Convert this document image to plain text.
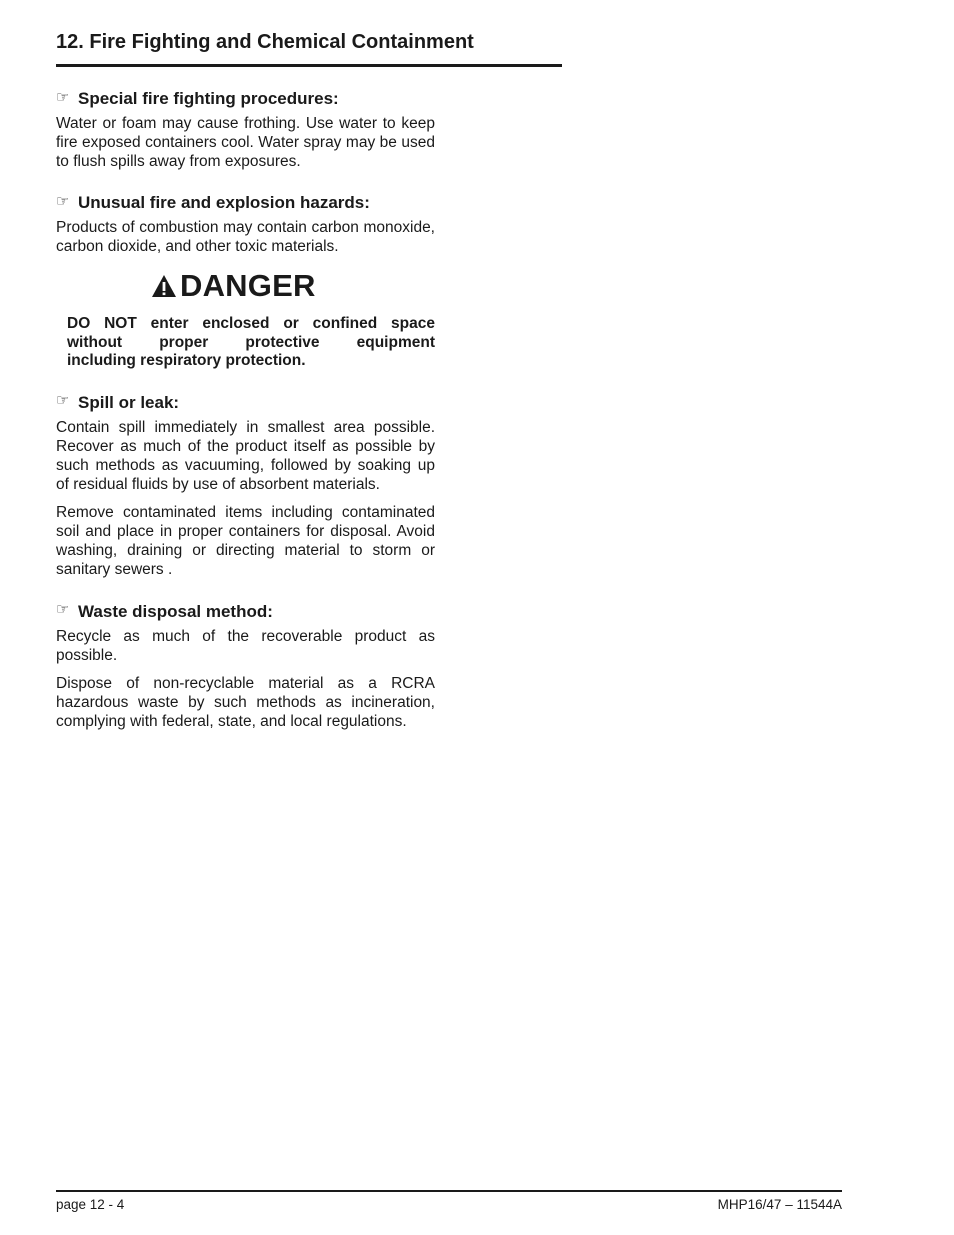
12. Fire Fighting and Chemical Containment
☞ Special fire fighting procedures:

Water or foam may cause frothing. Use water to keep fire exposed containers cool. Water spray may be used to flush spills away from exposures.

☞ Unusual fire and explosion hazards:

Products of combustion may contain carbon monoxide, carbon dioxide, and other toxic materials.

DANGER
DO NOT enter enclosed or confined space
without proper protective equipment
including respiratory protection.
☞ Spill or leak:

Contain spill immediately in smallest area possible. Recover as much of the product itself as possible by such methods as vacuuming, followed by soaking up of residual fluids by use of absorbent materials.

Remove contaminated items including contaminated soil and place in proper containers for disposal. Avoid washing, draining or directing material to storm or sanitary sewers .

☞ Waste disposal method:

Recycle as much of the recoverable product as possible.

Dispose of non-recyclable material as a RCRA hazardous waste by such methods as incineration, complying with federal, state, and local regulations.

page 12 - 4	MHP16/47 – 11544A
